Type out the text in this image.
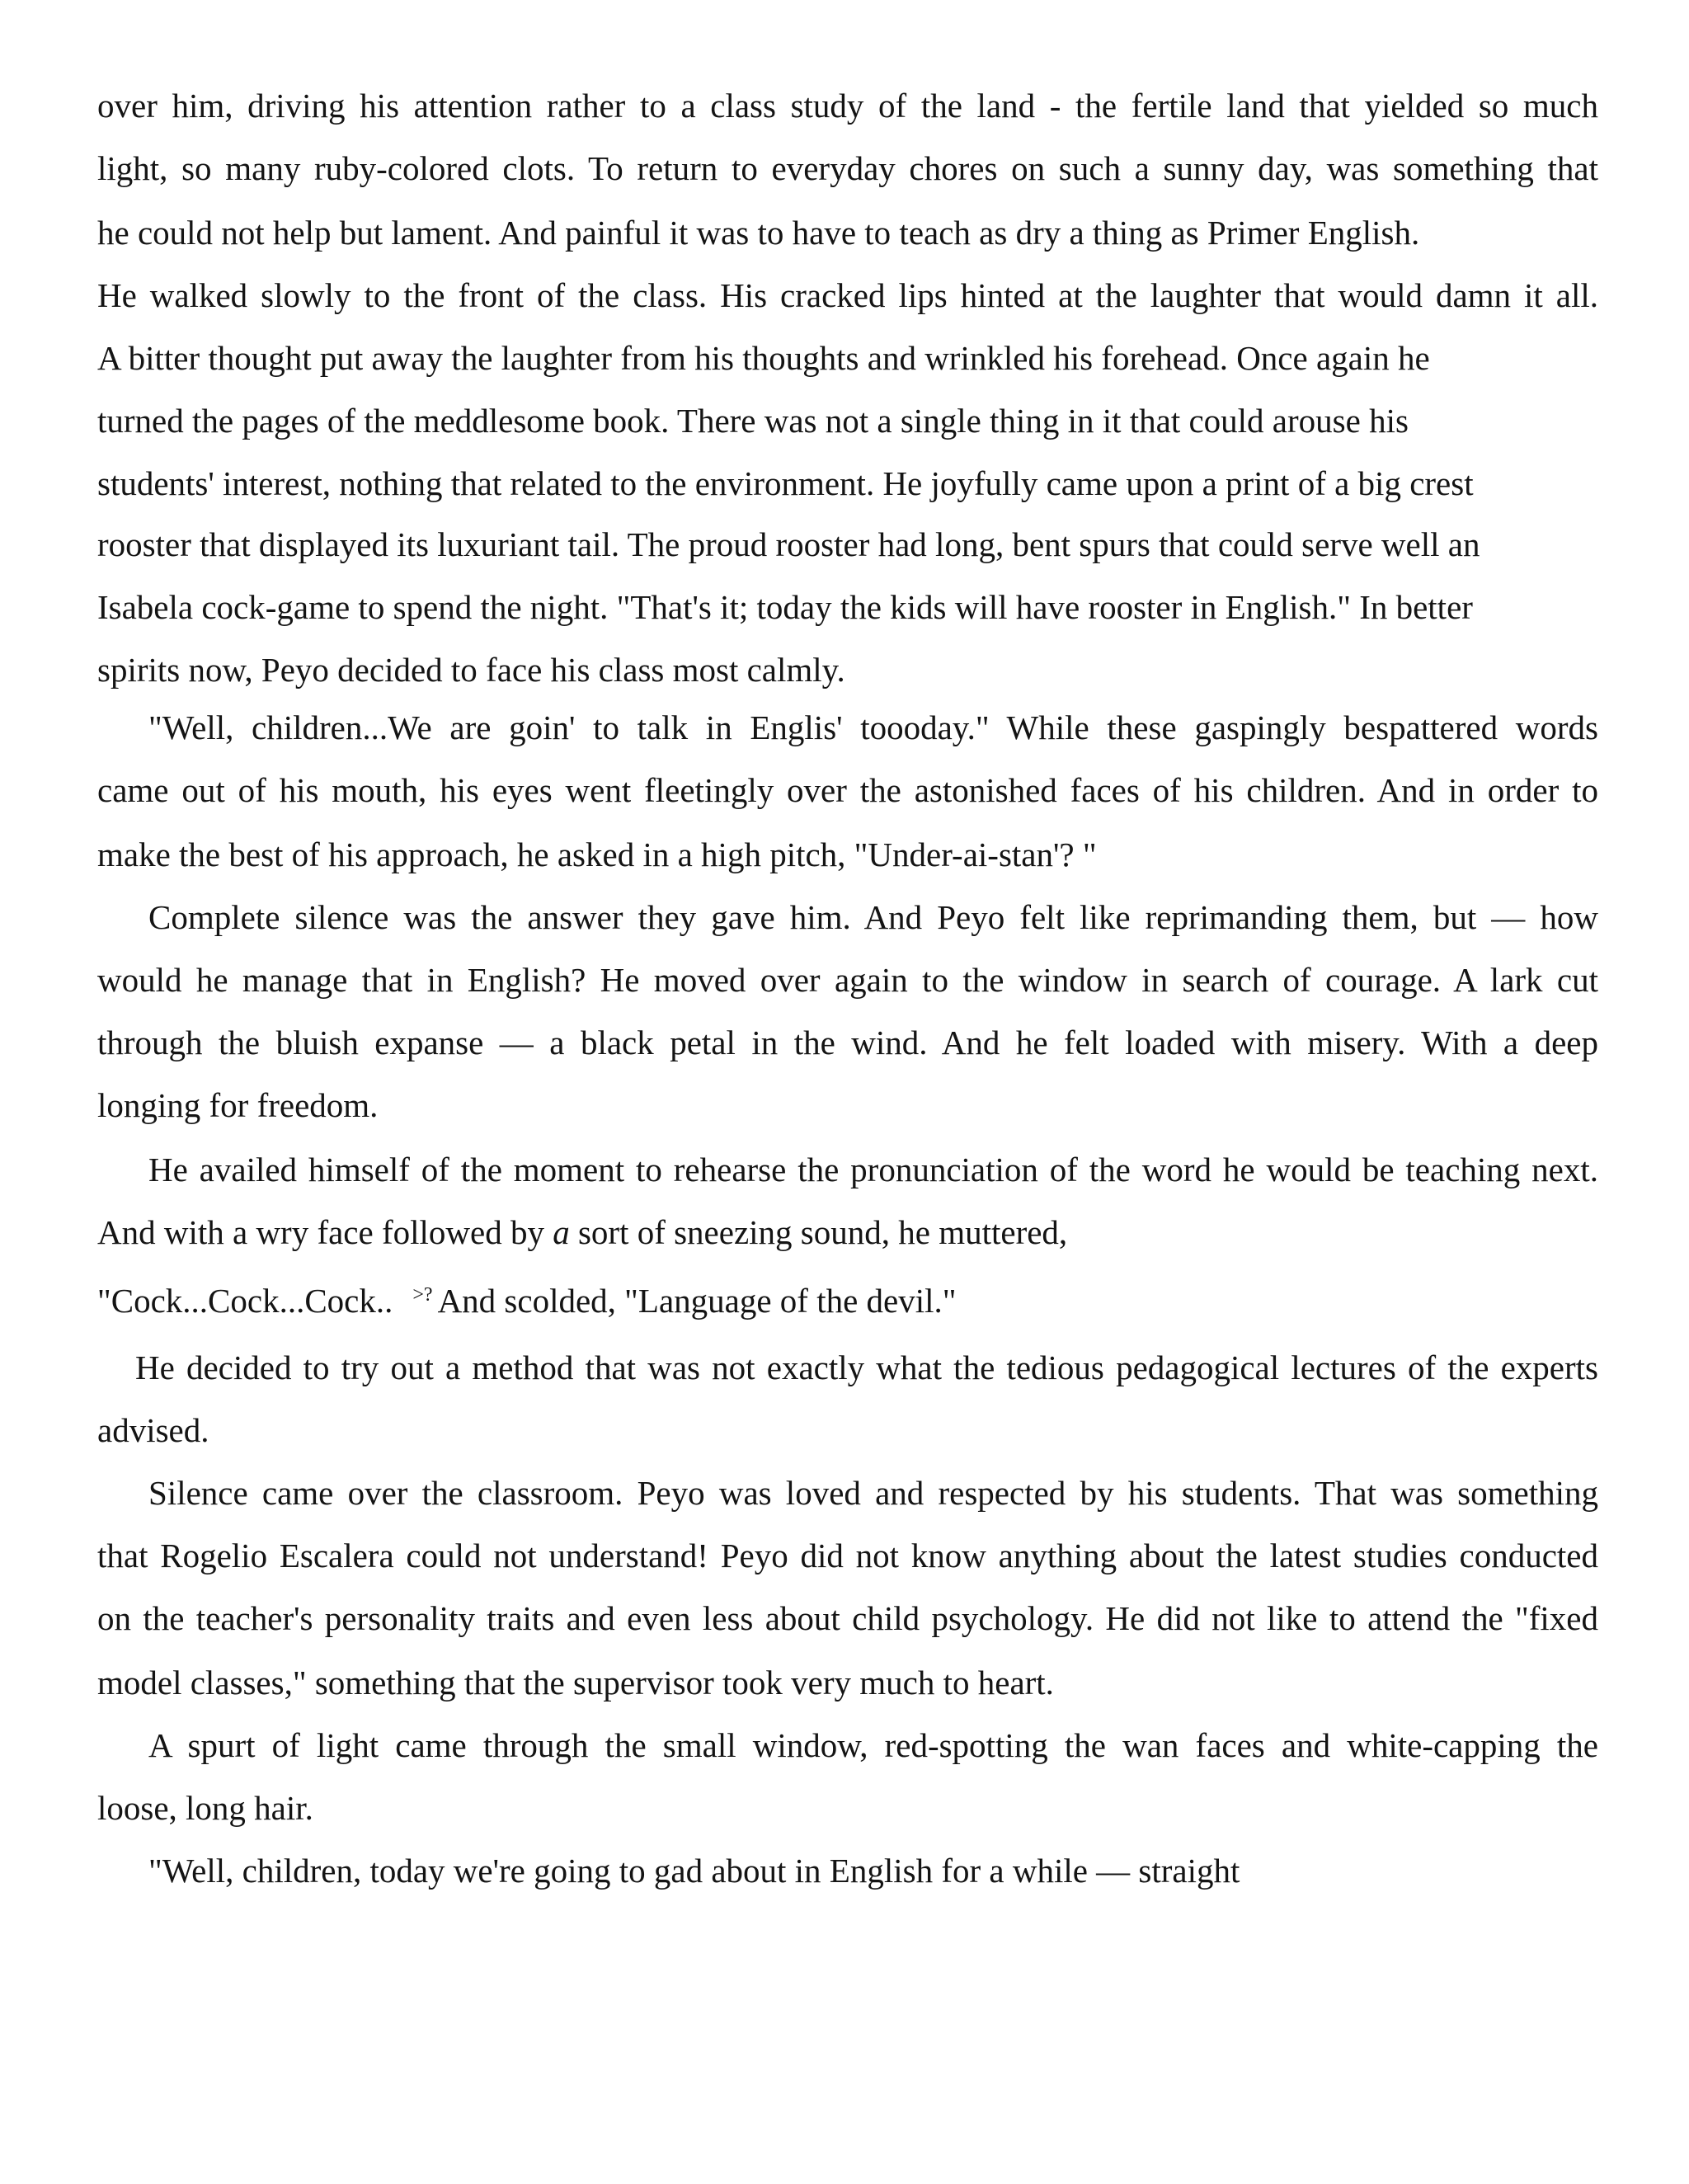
over him, driving his attention rather to a class study of the land - the fertile land that yielded so much
light, so many ruby-colored clots. To return to everyday chores on such a sunny day, was something that
he could not help but lament. And painful it was to have to teach as dry a thing as Primer English.
He walked slowly to the front of the class. His cracked lips hinted at the laughter that would damn it all.
A bitter thought put away the laughter from his thoughts and wrinkled his forehead. Once again he
turned the pages of the meddlesome book. There was not a single thing in it that could arouse his
students' interest, nothing that related to the environment. He joyfully came upon a print of a big crest
rooster that displayed its luxuriant tail. The proud rooster had long, bent spurs that could serve well an
Isabela cock-game to spend the night. "That's it; today the kids will have rooster in English." In better
spirits now, Peyo decided to face his class most calmly.
"Well, children...We are goin' to talk in Englis' toooday." While these gaspingly bespattered words
came out of his mouth, his eyes went fleetingly over the astonished faces of his children. And in order to
make the best of his approach, he asked in a high pitch, "Under-ai-stan'? "
Complete silence was the answer they gave him. And Peyo felt like reprimanding them, but — how
would he manage that in English? He moved over again to the window in search of courage. A lark cut
through the bluish expanse — a black petal in the wind. And he felt loaded with misery. With a deep
longing for freedom.
He availed himself of the moment to rehearse the pronunciation of the word he would be teaching next.
And with a wry face followed by a sort of sneezing sound, he muttered,
"Cock...Cock...Cock.. >? And scolded, "Language of the devil."
He decided to try out a method that was not exactly what the tedious pedagogical lectures of the experts
advised.
Silence came over the classroom. Peyo was loved and respected by his students. That was something
that Rogelio Escalera could not understand! Peyo did not know anything about the latest studies conducted
on the teacher's personality traits and even less about child psychology. He did not like to attend the "fixed
model classes," something that the supervisor took very much to heart.
A spurt of light came through the small window, red-spotting the wan faces and white-capping the
loose, long hair.
"Well, children, today we're going to gad about in English for a while — straight
